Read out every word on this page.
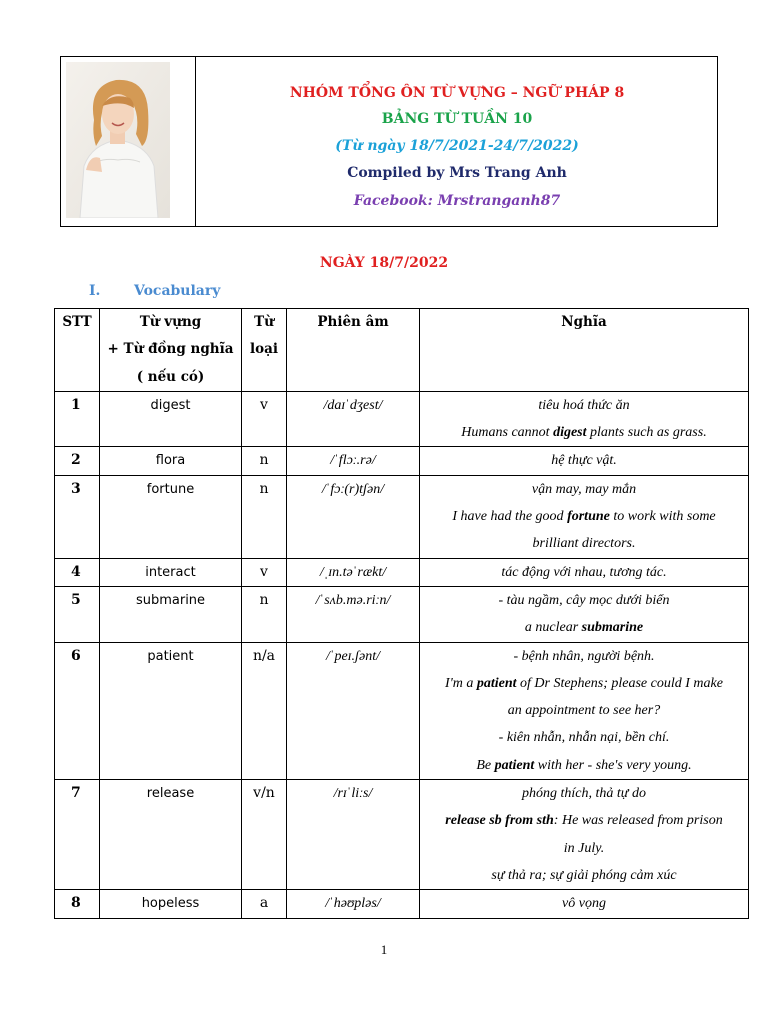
NHÓM TỔNG ÔN TỪ VỰNG – NGỮ PHÁP 8
BẢNG TỪ TUẦN 10
(Từ ngày 18/7/2021-24/7/2022)
Compiled by Mrs Trang Anh
Facebook: Mrstranganh87
NGÀY 18/7/2022
I. Vocabulary
STT	Từ vựng
+ Từ đồng nghĩa
( nếu có)	Từ
loại	Phiên âm	Nghĩa
1	digest	v	/daɪˈdʒest/	tiêu hoá thức ăn
Humans cannot digest plants such as grass.

2	flora	n	/ˈflɔː.rə/	hệ thực vật.

3	fortune	n	/ˈfɔː(r)tʃən/	vận may, may mắn
I have had the good fortune to work with some
brilliant directors.

4	interact	v	/ˌɪn.təˈrækt/	tác động với nhau, tương tác.

5	submarine	n	/ˈsʌb.mə.riːn/	- tàu ngầm, cây mọc dưới biển
a nuclear submarine

6	patient	n/a	/ˈpeɪ.ʃənt/	- bệnh nhân, người bệnh.
I'm a patient of Dr Stephens; please could I make
an appointment to see her?
- kiên nhẫn, nhẫn nại, bền chí.
Be patient with her - she's very young.

7	release	v/n	/rɪˈliːs/	phóng thích, thả tự do
release sb from sth: He was released from prison
in July.
sự thả ra; sự giải phóng cảm xúc

8	hopeless	a	/ˈhəʊpləs/	vô vọng
1
